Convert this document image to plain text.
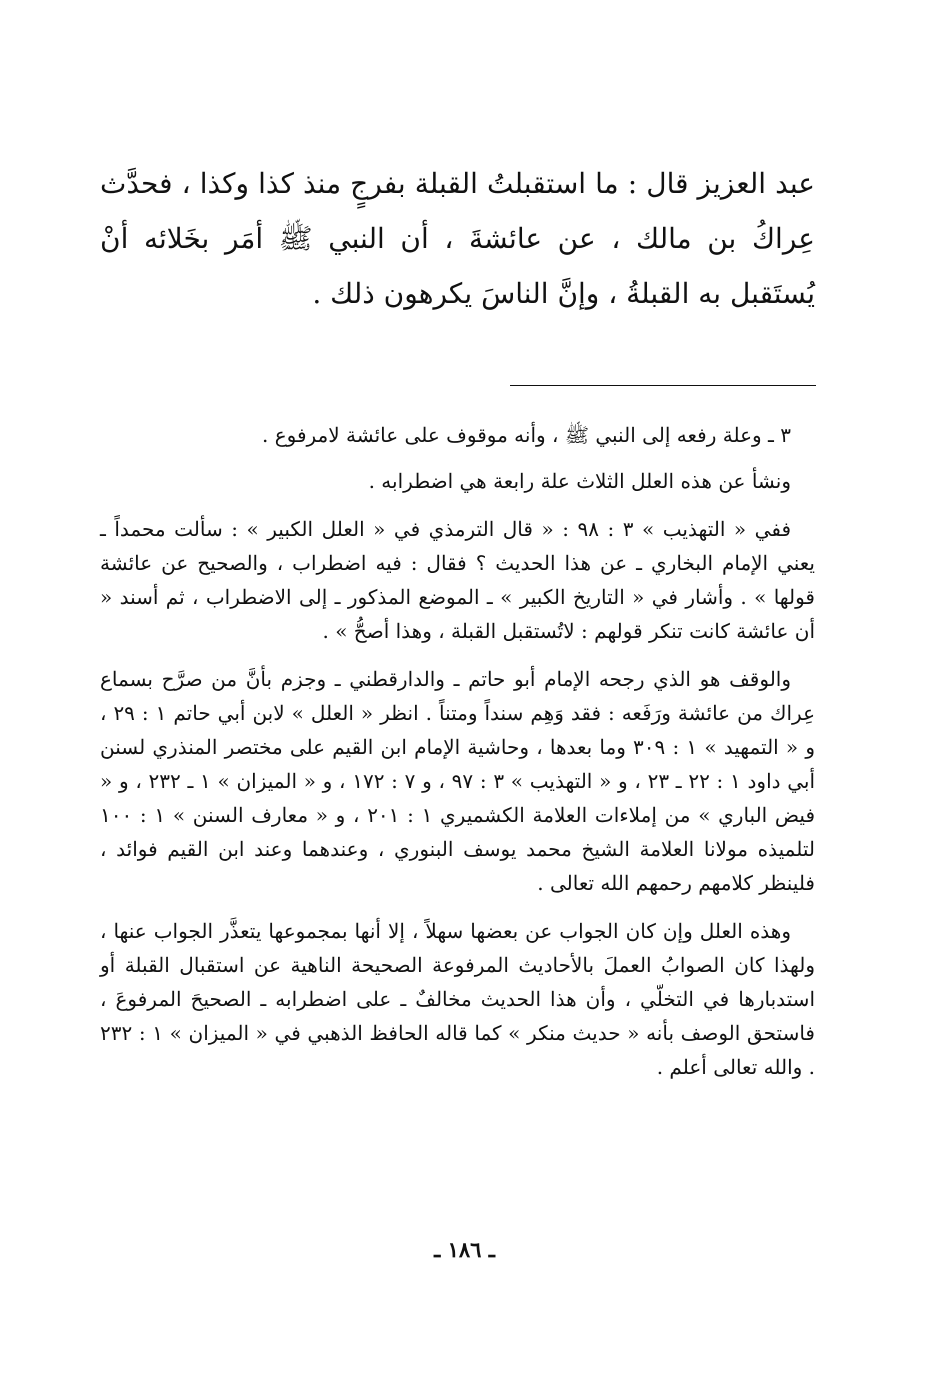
عبد العزيز قال : ما استقبلتُ القبلة بفرجٍ منذ كذا وكذا ، فحدَّث عِراكُ بن مالك ، عن عائشةَ ، أن النبي ﷺ أمَر بخَلائه أنْ يُستَقبل به القبلةُ ، وإنَّ الناسَ يكرهون ذلك .

٣ ـ وعلة رفعه إلى النبي ﷺ ، وأنه موقوف على عائشة لامرفوع .

ونشأ عن هذه العلل الثلاث علة رابعة هي اضطرابه .

ففي « التهذيب » ٣ : ٩٨ : « قال الترمذي في « العلل الكبير » : سألت محمداً ـ يعني الإمام البخاري ـ عن هذا الحديث ؟ فقال : فيه اضطراب ، والصحيح عن عائشة قولها » . وأشار في « التاريخ الكبير » ـ الموضع المذكور ـ إلى الاضطراب ، ثم أسند « أن عائشة كانت تنكر قولهم : لاتُستقبل القبلة ، وهذا أصحُّ » .

والوقف هو الذي رجحه الإمام أبو حاتم ـ والدارقطني ـ وجزم بأنَّ من صرَّح بسماع عِراك من عائشة ورَفَعه : فقد وَهِم سنداً ومتناً . انظر « العلل » لابن أبي حاتم ١ : ٢٩ ، و « التمهيد » ١ : ٣٠٩ وما بعدها ، وحاشية الإمام ابن القيم على مختصر المنذري لسنن أبي داود ١ : ٢٢ ـ ٢٣ ، و « التهذيب » ٣ : ٩٧ ، و ٧ : ١٧٢ ، و « الميزان » ١ ـ ٢٣٢ ، و « فيض الباري » من إملاءات العلامة الكشميري ١ : ٢٠١ ، و « معارف السنن » ١ : ١٠٠ لتلميذه مولانا العلامة الشيخ محمد يوسف البنوري ، وعندهما وعند ابن القيم فوائد ، فلينظر كلامهم رحمهم الله تعالى .

وهذه العلل وإن كان الجواب عن بعضها سهلاً ، إلا أنها بمجموعها يتعذَّر الجواب عنها ، ولهذا كان الصوابُ العملَ بالأحاديث المرفوعة الصحيحة الناهية عن استقبال القبلة أو استدبارها في التخلّي ، وأن هذا الحديث مخالفٌ ـ على اضطرابه ـ الصحيحَ المرفوعَ ، فاستحق الوصف بأنه « حديث منكر » كما قاله الحافظ الذهبي في « الميزان » ١ : ٢٣٢ . والله تعالى أعلم .

ـ ١٨٦ ـ
